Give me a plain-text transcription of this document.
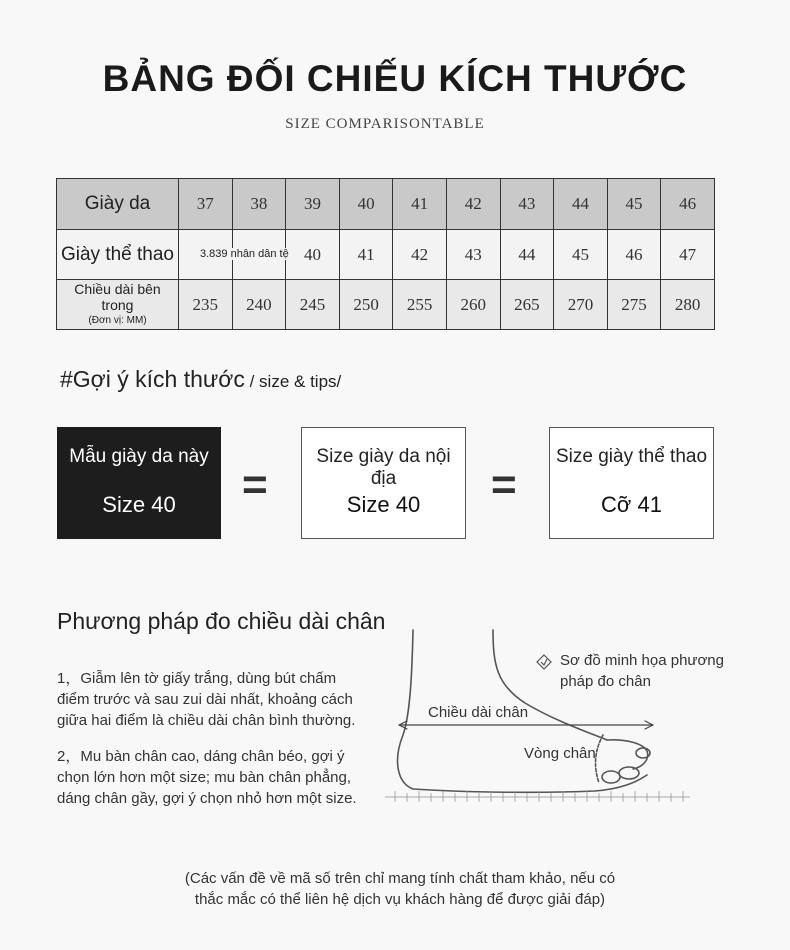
BẢNG ĐỐI CHIẾU KÍCH THƯỚC
SIZE COMPARISONTABLE
Giày da	37	38	39	40	41	42	43	44	45	46
Giày thể thao			40	41	42	43	44	45	46	47
Chiều dài bên trong
(Đơn vị: MM)	235	240	245	250	255	260	265	270	275	280
3.839 nhân dân tệ
#Gợi ý kích thước / size & tips/
Mẫu giày da này
Size 40	=
Size giày da nội địa
Size 40	=
Size giày thể thao
Cỡ 41
Phương pháp đo chiều dài chân
1，Giẫm lên tờ giấy trắng, dùng bút chấm điểm trước và sau zui dài nhất, khoảng cách giữa hai điểm là chiều dài chân bình thường.
2，Mu bàn chân cao, dáng chân béo, gợi ý chọn lớn hơn một size; mu bàn chân phẳng, dáng chân gầy, gợi ý chọn nhỏ hơn một size.
Sơ đồ minh họa phương pháp đo chân
Chiều dài chân
Vòng chân
(Các vấn đề về mã số trên chỉ mang tính chất tham khảo, nếu có thắc mắc có thể liên hệ dịch vụ khách hàng để được giải đáp)
